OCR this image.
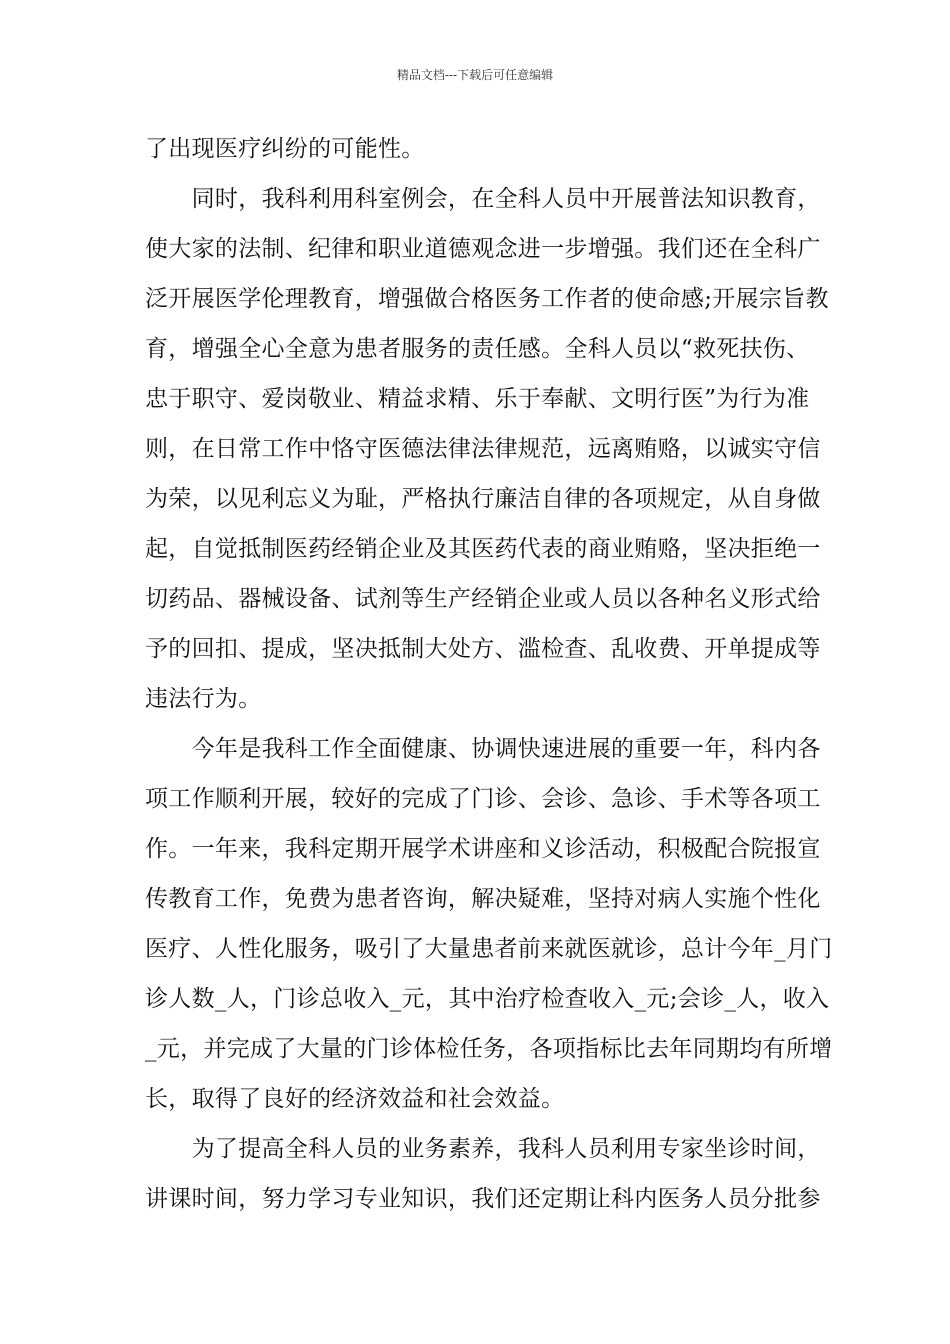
精品文档---下载后可任意编辑
了出现医疗纠纷的可能性。
　　同时，我科利用科室例会，在全科人员中开展普法知识教育，
使大家的法制、纪律和职业道德观念进一步增强。我们还在全科广
泛开展医学伦理教育，增强做合格医务工作者的使命感;开展宗旨教
育，增强全心全意为患者服务的责任感。全科人员以“救死扶伤、
忠于职守、爱岗敬业、精益求精、乐于奉献、文明行医”为行为准
则，在日常工作中恪守医德法律法律规范，远离贿赂，以诚实守信
为荣，以见利忘义为耻，严格执行廉洁自律的各项规定，从自身做
起，自觉抵制医药经销企业及其医药代表的商业贿赂，坚决拒绝一
切药品、器械设备、试剂等生产经销企业或人员以各种名义形式给
予的回扣、提成，坚决抵制大处方、滥检查、乱收费、开单提成等
违法行为。
　　今年是我科工作全面健康、协调快速进展的重要一年，科内各
项工作顺利开展，较好的完成了门诊、会诊、急诊、手术等各项工
作。一年来，我科定期开展学术讲座和义诊活动，积极配合院报宣
传教育工作，免费为患者咨询，解决疑难，坚持对病人实施个性化
医疗、人性化服务，吸引了大量患者前来就医就诊，总计今年_月门
诊人数_人，门诊总收入_元，其中治疗检查收入_元;会诊_人，收入
_元，并完成了大量的门诊体检任务，各项指标比去年同期均有所增
长，取得了良好的经济效益和社会效益。
　　为了提高全科人员的业务素养，我科人员利用专家坐诊时间，
讲课时间，努力学习专业知识，我们还定期让科内医务人员分批参
